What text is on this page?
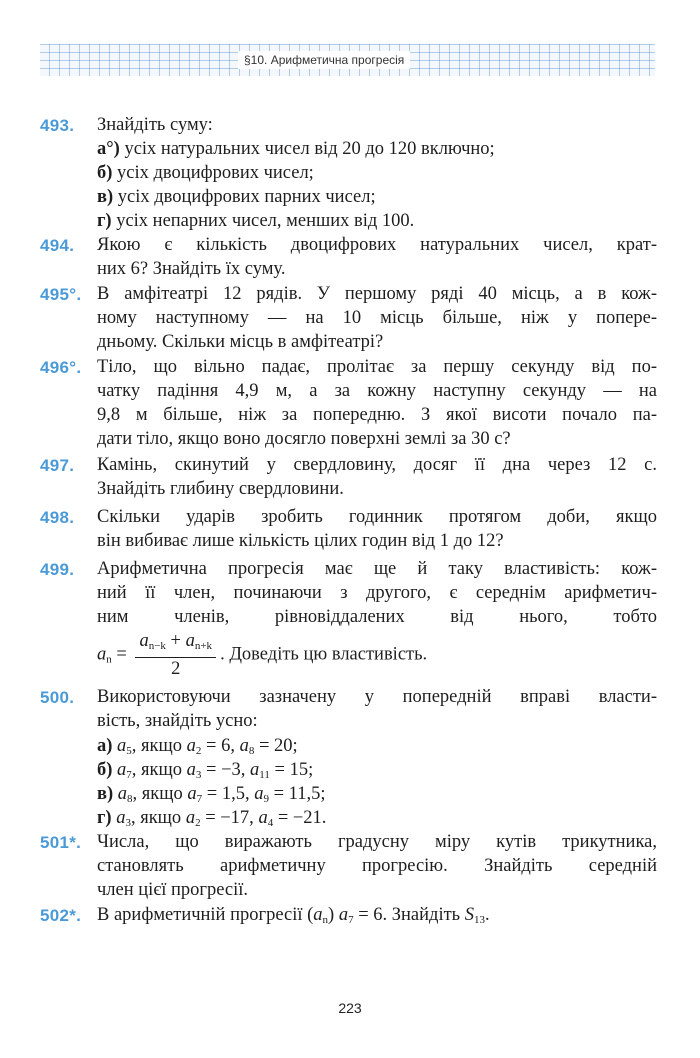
§10. Арифметична прогресія
493. Знайдіть суму:
а°) усіх натуральних чисел від 20 до 120 включно;
б) усіх двоцифрових чисел;
в) усіх двоцифрових парних чисел;
г) усіх непарних чисел, менших від 100.
494. Якою є кількість двоцифрових натуральних чисел, крат-
них 6? Знайдіть їх суму.
495°. В амфітеатрі 12 рядів. У першому ряді 40 місць, а в кож-
ному наступному — на 10 місць більше, ніж у попере-
дньому. Скільки місць в амфітеатрі?
496°. Тіло, що вільно падає, пролітає за першу секунду від по-
чатку падіння 4,9 м, а за кожну наступну секунду — на
9,8 м більше, ніж за попередню. З якої висоти почало па-
дати тіло, якщо воно досягло поверхні землі за 30 с?
497. Камінь, скинутий у свердловину, досяг її дна через 12 с.
Знайдіть глибину свердловини.
498. Скільки ударів зробить годинник протягом доби, якщо
він вибиває лише кількість цілих годин від 1 до 12?
499. Арифметична прогресія має ще й таку властивість: кож-
ний її член, починаючи з другого, є середнім арифметич-
ним членів, рівновіддалених від нього, тобто
$a_n = \frac{a_{n-k} + a_{n+k}}{2}$ . Доведіть цю властивість.
500. Використовуючи зазначену у попередній вправі власти-
вість, знайдіть усно:
а) $a_5$, якщо $a_2 = 6$, $a_8 = 20$;
б) $a_7$, якщо $a_3 = -3$, $a_{11} = 15$;
в) $a_8$, якщо $a_7 = 1,5$, $a_9 = 11,5$;
г) $a_3$, якщо $a_2 = -17$, $a_4 = -21$.
501*. Числа, що виражають градусну міру кутів трикутника,
становлять арифметичну прогресію. Знайдіть середній
член цієї прогресії.
502*. В арифметичній прогресії $(a_n) a_7 = 6$. Знайдіть $S_{13}$.
223
